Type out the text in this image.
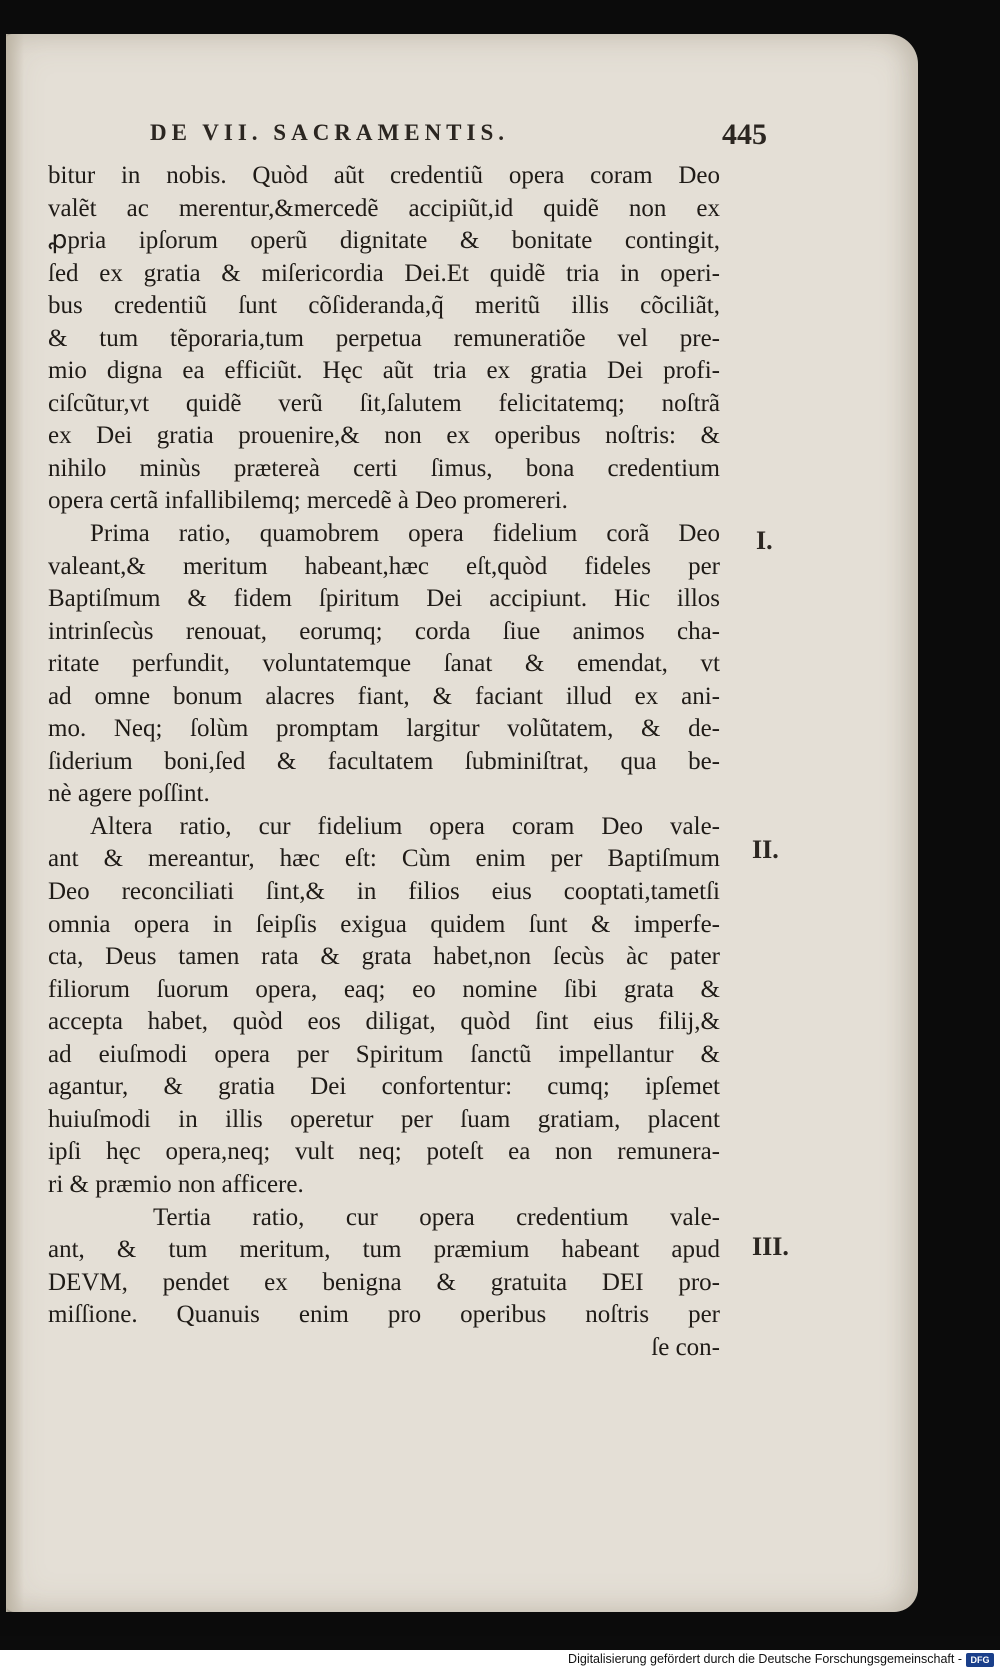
DE VII. SACRAMENTIS.	445
bitur in nobis. Quòd aũt credentiũ opera coram Deo
valẽt ac merentur,&mercedẽ accipiũt,id quidẽ non ex
ꝓpria ipſorum operũ dignitate & bonitate contingit,
ſed ex gratia & miſericordia Dei.Et quidẽ tria in operi-
bus credentiũ ſunt cõſideranda,q̃ meritũ illis cõciliãt,
& tum tẽporaria,tum perpetua remuneratiõe vel pre-
mio digna ea efficiũt. Hęc aũt tria ex gratia Dei profi-
ciſcũtur,vt quidẽ verũ ſit,ſalutem felicitatemq; noſtrã
ex Dei gratia prouenire,& non ex operibus noſtris: &
nihilo minùs prætereà certi ſimus, bona credentium
opera certã infallibilemq; mercedẽ à Deo promereri.
Prima ratio, quamobrem opera fidelium corã Deo
valeant,& meritum habeant,hæc eſt,quòd fideles per
Baptiſmum & fidem ſpiritum Dei accipiunt. Hic illos
intrinſecùs renouat, eorumq; corda ſiue animos cha-
ritate perfundit, voluntatemque ſanat & emendat, vt
ad omne bonum alacres fiant, & faciant illud ex ani-
mo. Neq; ſolùm promptam largitur volũtatem, & de-
ſiderium boni,ſed & facultatem ſubminiſtrat, qua be-
nè agere poſſint.
Altera ratio, cur fidelium opera coram Deo vale-
ant & mereantur, hæc eſt: Cùm enim per Baptiſmum
Deo reconciliati ſint,& in filios eius cooptati,tametſi
omnia opera in ſeipſis exigua quidem ſunt & imperfe-
cta, Deus tamen rata & grata habet,non ſecùs àc pater
filiorum ſuorum opera, eaq; eo nomine ſibi grata &
accepta habet, quòd eos diligat, quòd ſint eius filij,&
ad eiuſmodi opera per Spiritum ſanctũ impellantur &
agantur, & gratia Dei confortentur: cumq; ipſemet
huiuſmodi in illis operetur per ſuam gratiam, placent
ipſi hęc opera,neq; vult neq; poteſt ea non remunera-
ri & præmio non afficere.
Tertia ratio, cur opera credentium vale-
ant, & tum meritum, tum præmium habeant apud
DEVM, pendet ex benigna & gratuita DEI pro-
miſſione. Quanuis enim pro operibus noſtris per
ſe con-
I.
II.
III.
Digitalisierung gefördert durch die Deutsche Forschungsgemeinschaft - DFG
